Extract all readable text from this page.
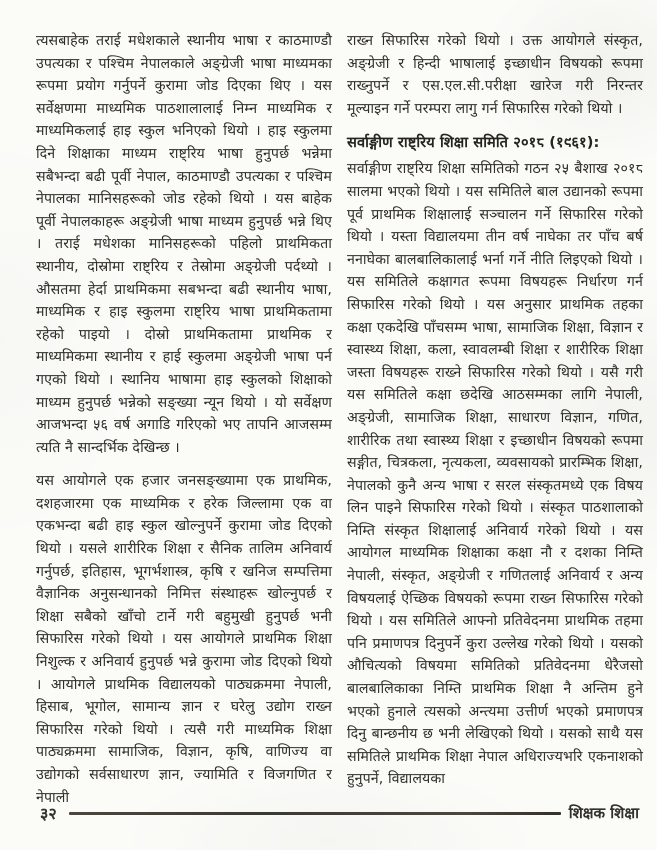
त्यसबाहेक तराई मधेशकाले स्थानीय भाषा र काठमाण्डौ उपत्यका र पश्चिम नेपालकाले अङ्ग्रेजी भाषा माध्यमका रूपमा प्रयोग गर्नुपर्ने कुरामा जोड दिएका थिए । यस सर्वेक्षणमा माध्यमिक पाठशालालाई निम्न माध्यमिक र माध्यमिकलाई हाइ स्कुल भनिएको थियो । हाइ स्कुलमा दिने शिक्षाका माध्यम राष्ट्रिय भाषा हुनुपर्छ भन्नेमा सबैभन्दा बढी पूर्वी नेपाल, काठमाण्डौ उपत्यका र पश्चिम नेपालका मानिसहरूको जोड रहेको थियो । यस बाहेक पूर्वी नेपालकाहरू अङ्ग्रेजी भाषा माध्यम हुनुपर्छ भन्ने थिए । तराई मधेशका मानिसहरूको पहिलो प्राथमिकता स्थानीय, दोस्रोमा राष्ट्रिय र तेस्रोमा अङ्ग्रेजी पर्दथ्यो । औसतमा हेर्दा प्राथमिकमा सबभन्दा बढी स्थानीय भाषा, माध्यमिक र हाइ स्कुलमा राष्ट्रिय भाषा प्राथमिकतामा रहेको पाइयो । दोस्रो प्राथमिकतामा प्राथमिक र माध्यमिकमा स्थानीय र हाई स्कुलमा अङ्ग्रेजी भाषा पर्न गएको थियो । स्थानिय भाषामा हाइ स्कुलको शिक्षाको माध्यम हुनुपर्छ भन्नेको सङ्ख्या न्यून थियो । यो सर्वेक्षण आजभन्दा ५६ वर्ष अगाडि गरिएको भए तापनि आजसम्म त्यति नै सान्दर्भिक देखिन्छ ।

यस आयोगले एक हजार जनसङ्ख्यामा एक प्राथमिक, दशहजारमा एक माध्यमिक र हरेक जिल्लामा एक वा एकभन्दा बढी हाइ स्कुल खोल्नुपर्ने कुरामा जोड दिएको थियो । यसले शारीरिक शिक्षा र सैनिक तालिम अनिवार्य गर्नुपर्छ, इतिहास, भूगर्भशास्त्र, कृषि र खनिज सम्पत्तिमा वैज्ञानिक अनुसन्धानको निमित्त संस्थाहरू खोल्नुपर्छ र शिक्षा सबैको खाँचो टार्ने गरी बहुमुखी हुनुपर्छ भनी सिफारिस गरेको थियो । यस आयोगले प्राथमिक शिक्षा निशुल्क र अनिवार्य हुनुपर्छ भन्ने कुरामा जोड दिएको थियो । आयोगले प्राथमिक विद्यालयको पाठ्यक्रममा नेपाली, हिसाब, भूगोल, सामान्य ज्ञान र घरेलु उद्योग राख्न सिफारिस गरेको थियो । त्यसै गरी माध्यमिक शिक्षा पाठ्यक्रममा सामाजिक, विज्ञान, कृषि, वाणिज्य वा उद्योगको सर्वसाधारण ज्ञान, ज्यामिति र विजगणित र नेपाली

राख्न सिफारिस गरेको थियो । उक्त आयोगले संस्कृत, अङ्ग्रेजी र हिन्दी भाषालाई इच्छाधीन विषयको रूपमा राख्नुपर्ने र एस.एल.सी.परीक्षा खारेज गरी निरन्तर मूल्याइन गर्ने परम्परा लागु गर्न सिफारिस गरेको थियो ।

सर्वाङ्गीण राष्ट्रिय शिक्षा समिति २०१८ (१९६१):

सर्वाङ्गीण राष्ट्रिय शिक्षा समितिको गठन २५ बैशाख २०१८ सालमा भएको थियो । यस समितिले बाल उद्यानको रूपमा पूर्व प्राथमिक शिक्षालाई सञ्चालन गर्ने सिफारिस गरेको थियो । यस्ता विद्यालयमा तीन वर्ष नाघेका तर पाँच बर्ष ननाघेका बालबालिकालाई भर्ना गर्ने नीति लिइएको थियो । यस समितिले कक्षागत रूपमा विषयहरू निर्धारण गर्न सिफारिस गरेको थियो । यस अनुसार प्राथमिक तहका कक्षा एकदेखि पाँचसम्म भाषा, सामाजिक शिक्षा, विज्ञान र स्वास्थ्य शिक्षा, कला, स्वावलम्बी शिक्षा र शारीरिक शिक्षा जस्ता विषयहरू राख्ने सिफारिस गरेको थियो । यसै गरी यस समितिले कक्षा छदेखि आठसम्मका लागि नेपाली, अङ्ग्रेजी, सामाजिक शिक्षा, साधारण विज्ञान, गणित, शारीरिक तथा स्वास्थ्य शिक्षा र इच्छाधीन विषयको रूपमा सङ्गीत, चित्रकला, नृत्यकला, व्यवसायको प्रारम्भिक शिक्षा, नेपालको कुनै अन्य भाषा र सरल संस्कृतमध्ये एक विषय लिन पाइने सिफारिस गरेको थियो । संस्कृत पाठशालाको निम्ति संस्कृत शिक्षालाई अनिवार्य गरेको थियो । यस आयोगल माध्यमिक शिक्षाका कक्षा नौ र दशका निम्ति नेपाली, संस्कृत, अङ्ग्रेजी र गणितलाई अनिवार्य र अन्य विषयलाई ऐच्छिक विषयको रूपमा राख्न सिफारिस गरेको थियो । यस समितिले आफ्नो प्रतिवेदनमा प्राथमिक तहमा पनि प्रमाणपत्र दिनुपर्ने कुरा उल्लेख गरेको थियो । यसको औचित्यको विषयमा समितिको प्रतिवेदनमा धेरैजसो बालबालिकाका निम्ति प्राथमिक शिक्षा नै अन्तिम हुने भएको हुनाले त्यसको अन्त्यमा उत्तीर्ण भएको प्रमाणपत्र दिनु बान्छनीय छ भनी लेखिएको थियो । यसको साथै यस समितिले प्राथमिक शिक्षा नेपाल अधिराज्यभरि एकनाशको हुनुपर्ने, विद्यालयका

३२	शिक्षक शिक्षा
